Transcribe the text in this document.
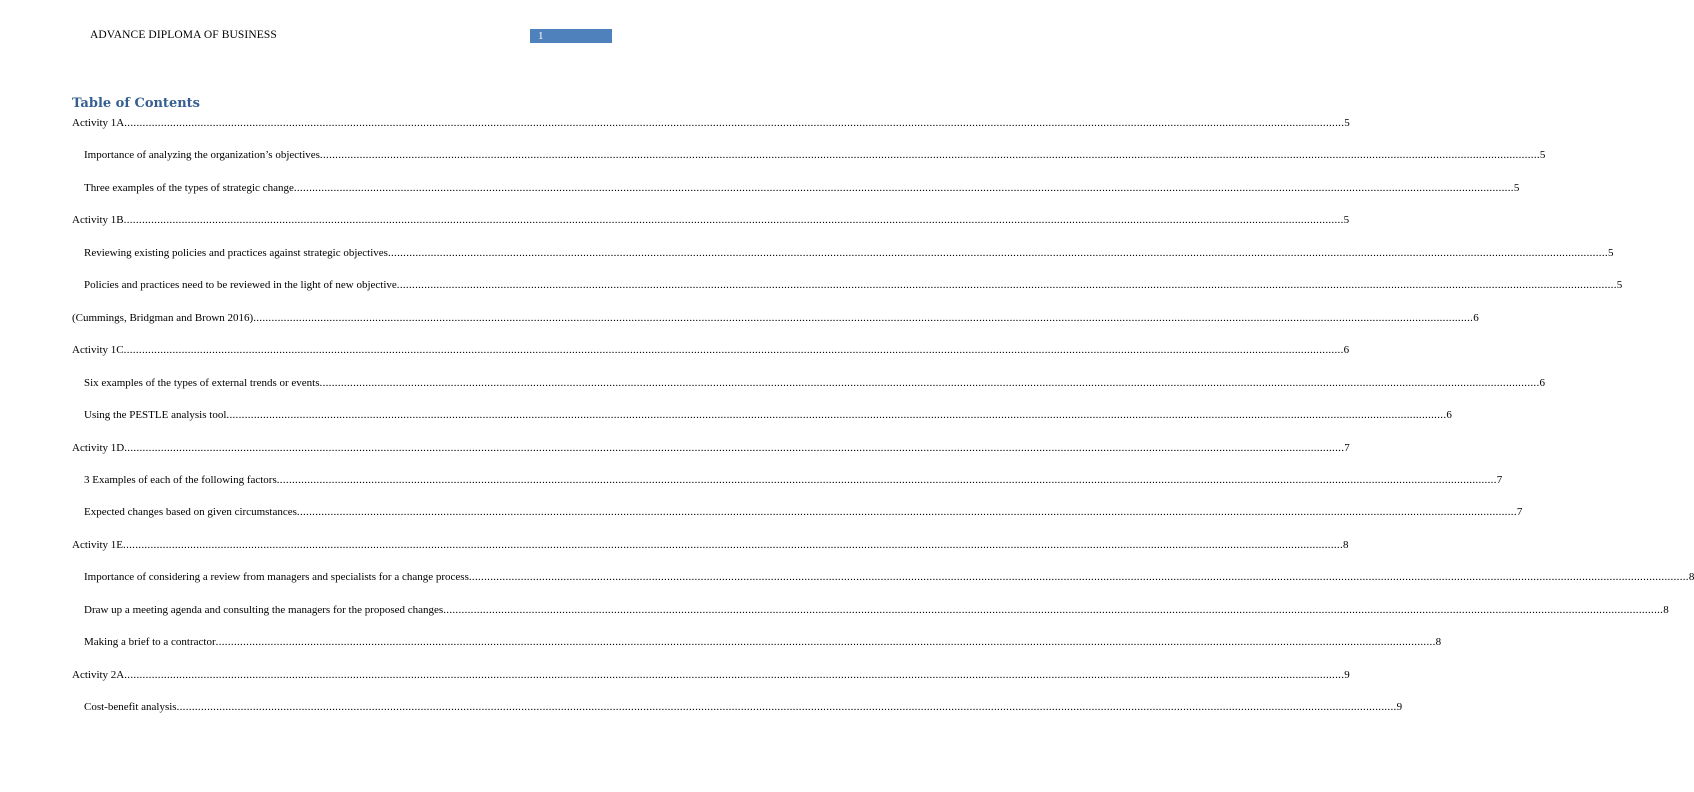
ADVANCE DIPLOMA OF BUSINESS	1
Table of Contents
Activity 1A ................................................................................................................................................................................................................................................................................................................................................................................................................ 5
Importance of analyzing the organization’s objectives ................................................................................................................................................................................................................................................................................................................................................................................................................ 5
Three examples of the types of strategic change ................................................................................................................................................................................................................................................................................................................................................................................................................ 5
Activity 1B ................................................................................................................................................................................................................................................................................................................................................................................................................ 5
Reviewing existing policies and practices against strategic objectives ................................................................................................................................................................................................................................................................................................................................................................................................................ 5
Policies and practices need to be reviewed in the light of new objective ................................................................................................................................................................................................................................................................................................................................................................................................................ 5
(Cummings, Bridgman and Brown 2016) ................................................................................................................................................................................................................................................................................................................................................................................................................ 6
Activity 1C ................................................................................................................................................................................................................................................................................................................................................................................................................ 6
Six examples of the types of external trends or events ................................................................................................................................................................................................................................................................................................................................................................................................................ 6
Using the PESTLE analysis tool ................................................................................................................................................................................................................................................................................................................................................................................................................ 6
Activity 1D ................................................................................................................................................................................................................................................................................................................................................................................................................ 7
3 Examples of each of the following factors ................................................................................................................................................................................................................................................................................................................................................................................................................ 7
Expected changes based on given circumstances ................................................................................................................................................................................................................................................................................................................................................................................................................ 7
Activity 1E ................................................................................................................................................................................................................................................................................................................................................................................................................ 8
Importance of considering a review from managers and specialists for a change process ................................................................................................................................................................................................................................................................................................................................................................................................................ 8
Draw up a meeting agenda and consulting the managers for the proposed changes ................................................................................................................................................................................................................................................................................................................................................................................................................ 8
Making a brief to a contractor ................................................................................................................................................................................................................................................................................................................................................................................................................ 8
Activity 2A ................................................................................................................................................................................................................................................................................................................................................................................................................ 9
Cost-benefit analysis ................................................................................................................................................................................................................................................................................................................................................................................................................ 9
